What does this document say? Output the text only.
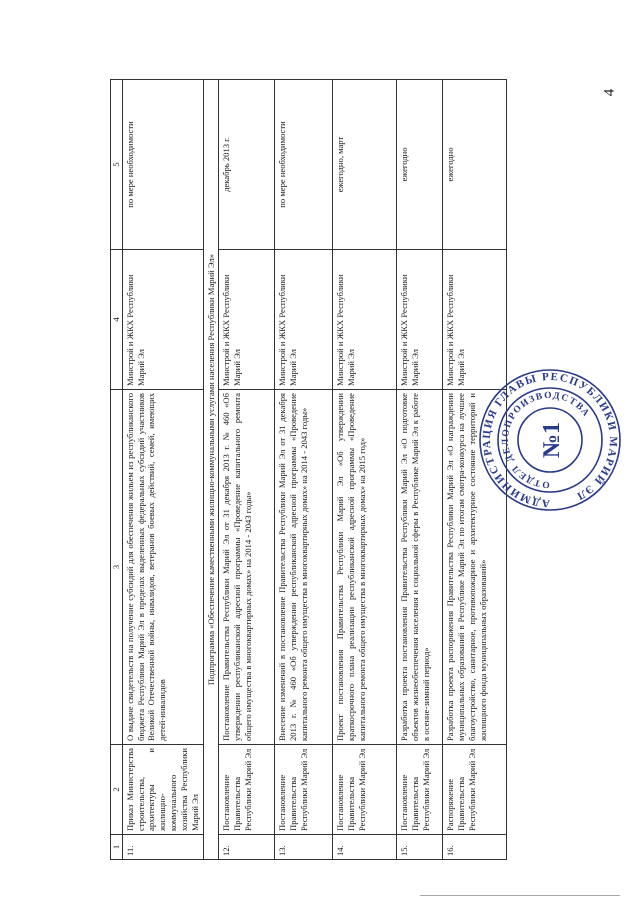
4
1	2	3	4	5
11.	Приказ Министерства строительства, архитектуры и жилищно-коммунального хозяйства Республики Марий Эл	О выдаче свидетельств на получение субсидий для обеспечения жильем из республиканского бюджета Республики Марий Эл в пределах выделенных федеральных субсидий участников Великой Отечественной войны, инвалидов, ветеранов боевых действий, семей, имеющих детей-инвалидов	Минстрой и ЖКХ Республики Марий Эл	по мере необходимости
Подпрограмма «Обеспечение качественными жилищно-коммунальными услугами населения Республики Марий Эл»				
12.	Постановление Правительства Республики Марий Эл	Постановление Правительства Республики Марий Эл от 31 декабря 2013 г. № 460 «Об утверждении республиканской адресной программы «Проведение капитального ремонта общего имущества в многоквартирных домах» на 2014 - 2043 годы»	Минстрой и ЖКХ Республики Марий Эл	декабрь 2013 г.
13.	Постановление Правительства Республики Марий Эл	Внесение изменений в постановление Правительства Республики Марий Эл от 31 декабря 2013 г. № 460 «Об утверждении республиканской адресной программы «Проведение капитального ремонта общего имущества в многоквартирных домах» на 2014 - 2043 годы»	Минстрой и ЖКХ Республики Марий Эл	по мере необходимости
14.	Постановление Правительства Республики Марий Эл	Проект постановления Правительства Республики Марий Эл «Об утверждении краткосрочного плана реализации республиканской адресной программы «Проведение капитального ремонта общего имущества в многоквартирных домах» на 2015 год»	Минстрой и ЖКХ Республики Марий Эл	ежегодно, март
15.	Постановление Правительства Республики Марий Эл	Разработка проекта постановления Правительства Республики Марий Эл «О подготовке объектов жизнеобеспечения населения и социальной сферы в Республике Марий Эл к работе в осенне-зимний период»	Минстрой и ЖКХ Республики Марий Эл	ежегодно
16.	Распоряжение Правительства Республики Марий Эл	Разработка проекта распоряжения Правительства Республики Марий Эл «О награждении муниципальных образований в Республике Марий Эл по итогам смотра-конкурса на лучшее благоустройство, санитарное, противопожарное и архитектурное состояние территорий и жилищного фонда муниципальных образований»	Минстрой и ЖКХ Республики Марий Эл	ежегодно
АДМИНИСТРАЦИЯ ГЛАВЫ РЕСПУБЛИКИ МАРИЙ ЭЛ
ОТДЕЛ ДЕЛОПРОИЗВОДСТВА
№1
